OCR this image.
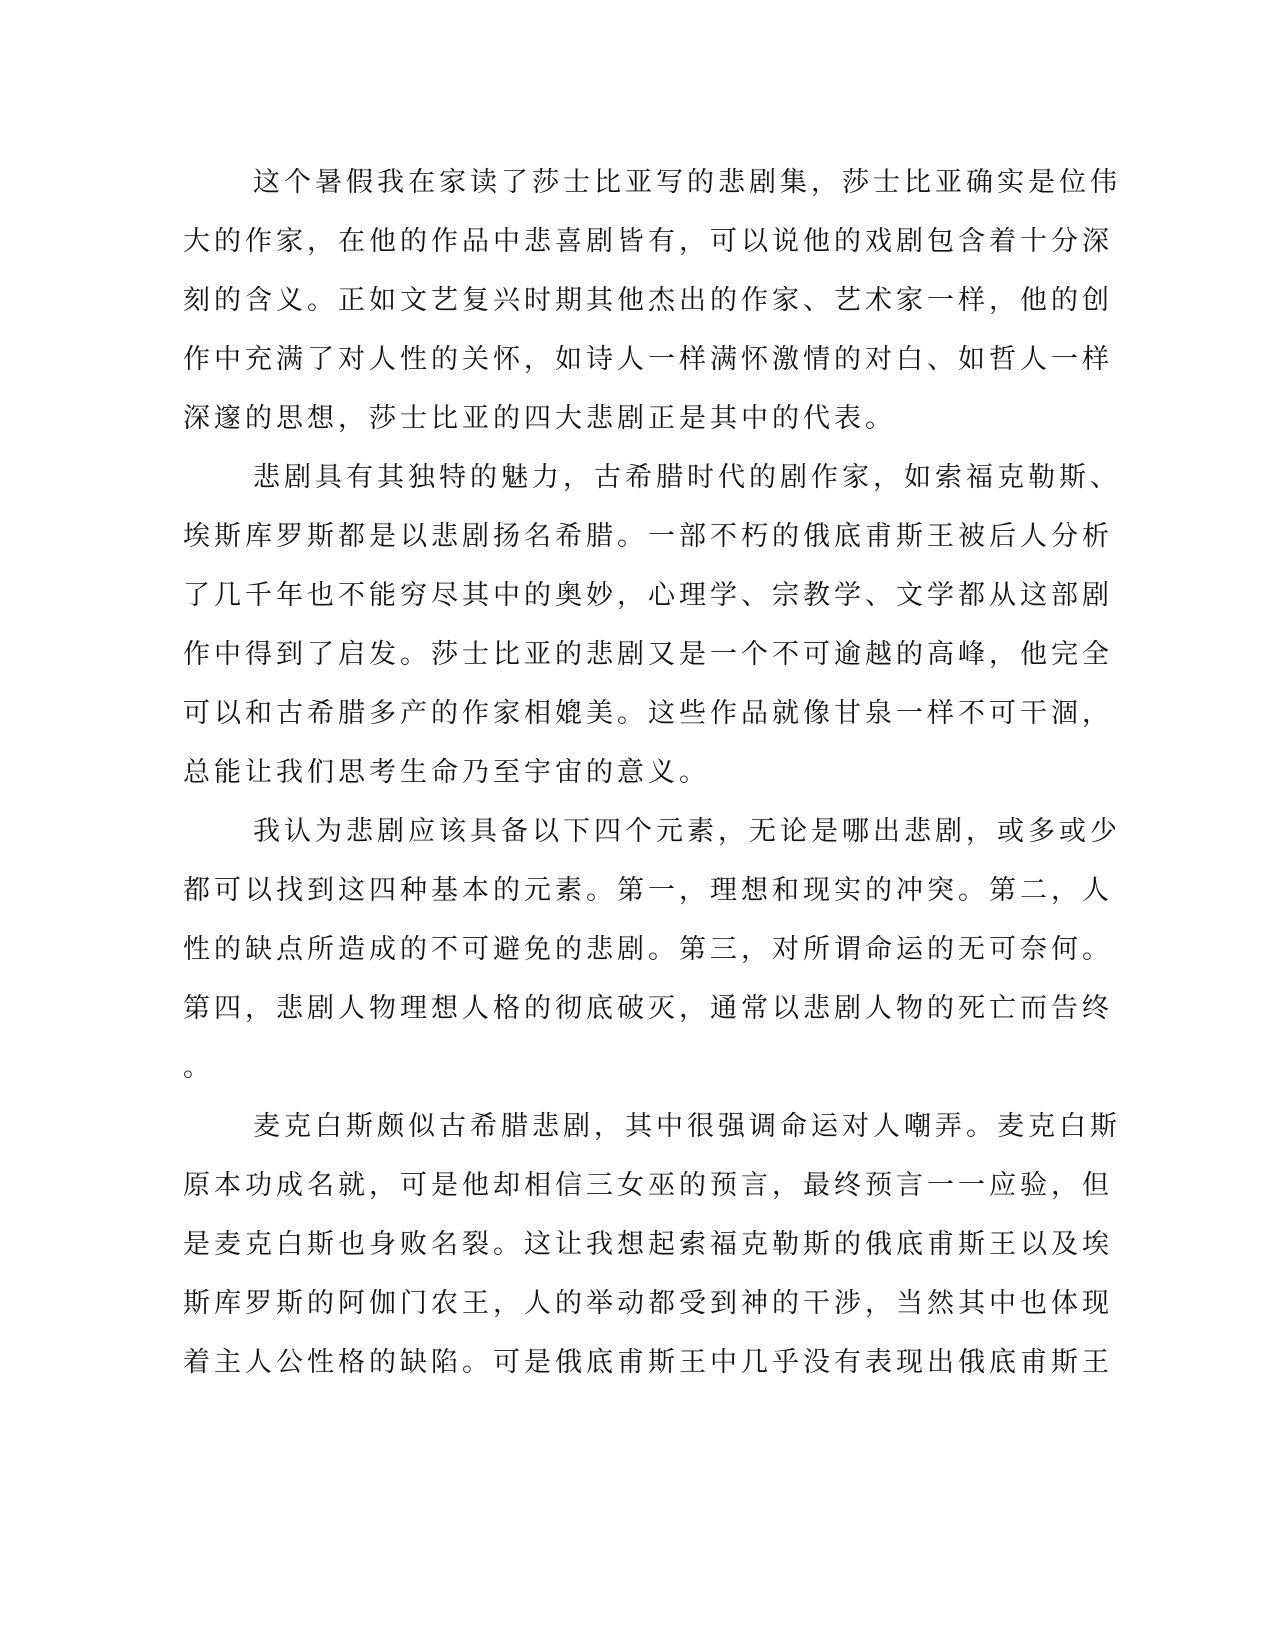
这个暑假我在家读了莎士比亚写的悲剧集，莎士比亚确实是位伟
大的作家，在他的作品中悲喜剧皆有，可以说他的戏剧包含着十分深
刻的含义。正如文艺复兴时期其他杰出的作家、艺术家一样，他的创
作中充满了对人性的关怀，如诗人一样满怀激情的对白、如哲人一样
深邃的思想，莎士比亚的四大悲剧正是其中的代表。
悲剧具有其独特的魅力，古希腊时代的剧作家，如索福克勒斯、
埃斯库罗斯都是以悲剧扬名希腊。一部不朽的俄底甫斯王被后人分析
了几千年也不能穷尽其中的奥妙，心理学、宗教学、文学都从这部剧
作中得到了启发。莎士比亚的悲剧又是一个不可逾越的高峰，他完全
可以和古希腊多产的作家相媲美。这些作品就像甘泉一样不可干涸，
总能让我们思考生命乃至宇宙的意义。
我认为悲剧应该具备以下四个元素，无论是哪出悲剧，或多或少
都可以找到这四种基本的元素。第一，理想和现实的冲突。第二，人
性的缺点所造成的不可避免的悲剧。第三，对所谓命运的无可奈何。
第四，悲剧人物理想人格的彻底破灭，通常以悲剧人物的死亡而告终
。
麦克白斯颇似古希腊悲剧，其中很强调命运对人嘲弄。麦克白斯
原本功成名就，可是他却相信三女巫的预言，最终预言一一应验，但
是麦克白斯也身败名裂。这让我想起索福克勒斯的俄底甫斯王以及埃
斯库罗斯的阿伽门农王，人的举动都受到神的干涉，当然其中也体现
着主人公性格的缺陷。可是俄底甫斯王中几乎没有表现出俄底甫斯王
